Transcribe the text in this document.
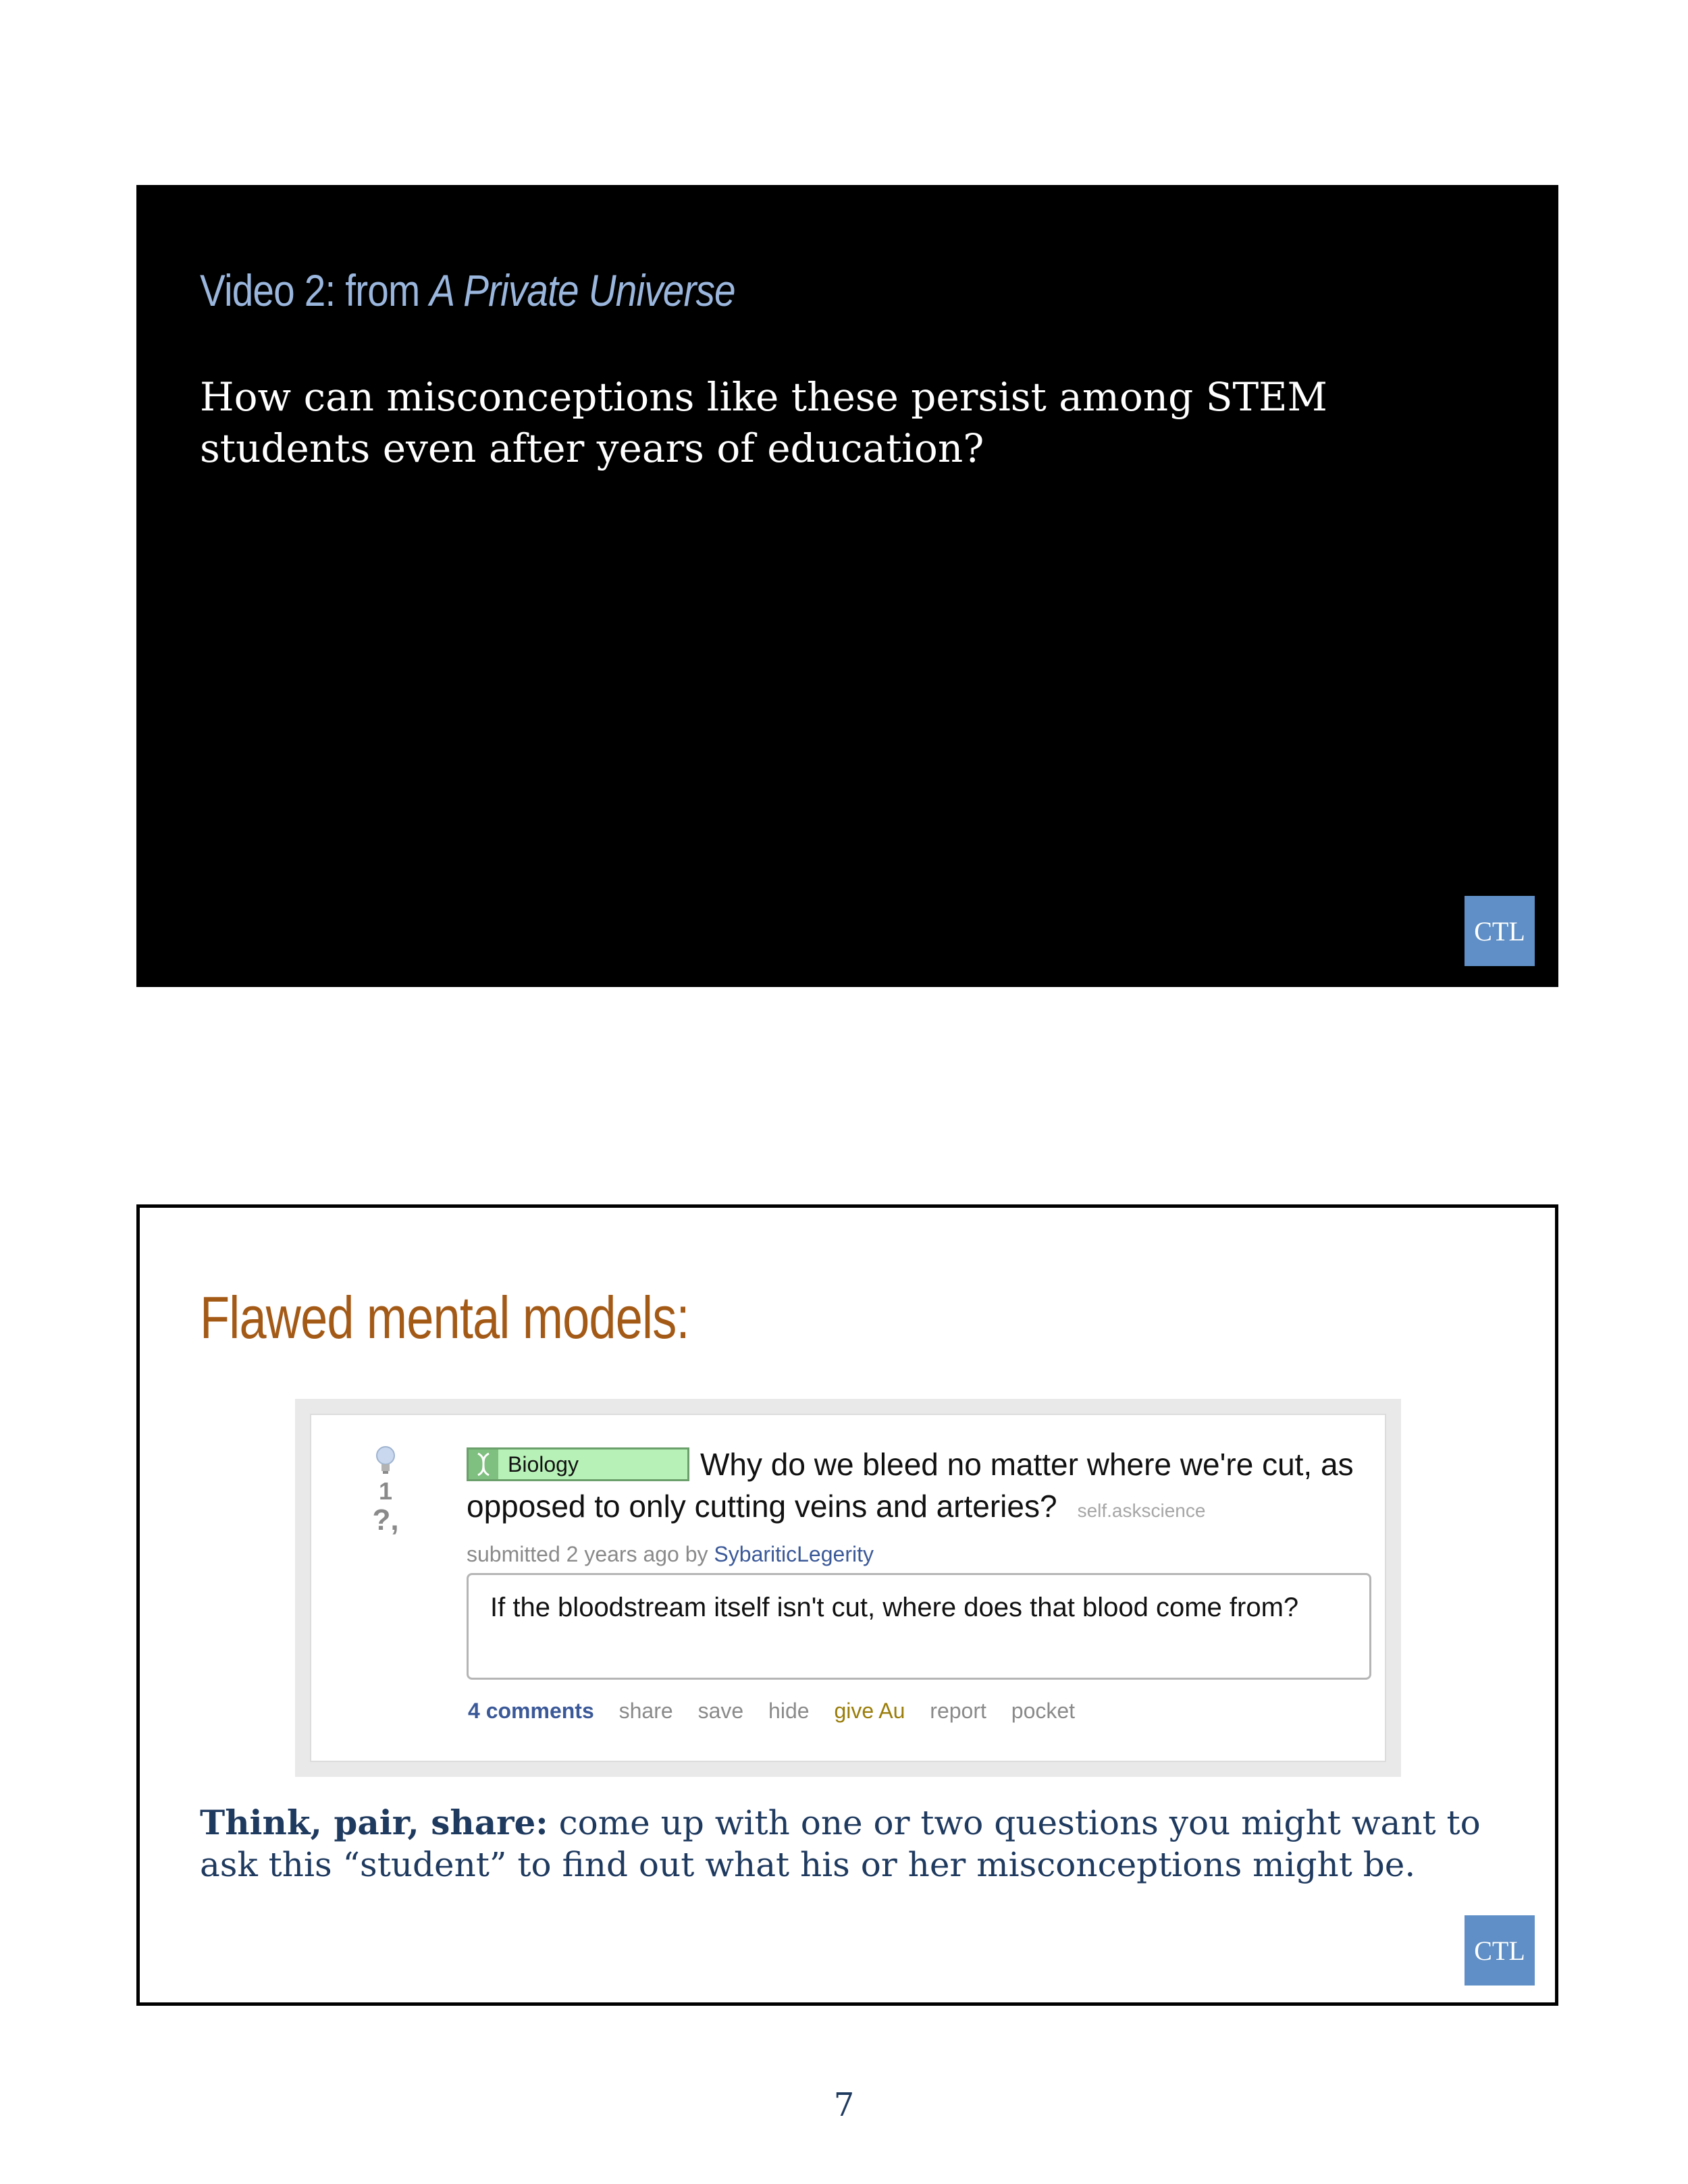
Video 2: from A Private Universe
How can misconceptions like these persist among STEM students even after years of education?
CTL
Flawed mental models:
1
?,
Why do we bleed no matter where we're cut, as opposed to only cutting veins and arteries? self.askscience
Biology
submitted 2 years ago by SybariticLegerity
If the bloodstream itself isn't cut, where does that blood come from?
4 comments share save hide give Au report pocket
Think, pair, share: come up with one or two questions you might want to ask this “student” to find out what his or her misconceptions might be.
CTL
7
